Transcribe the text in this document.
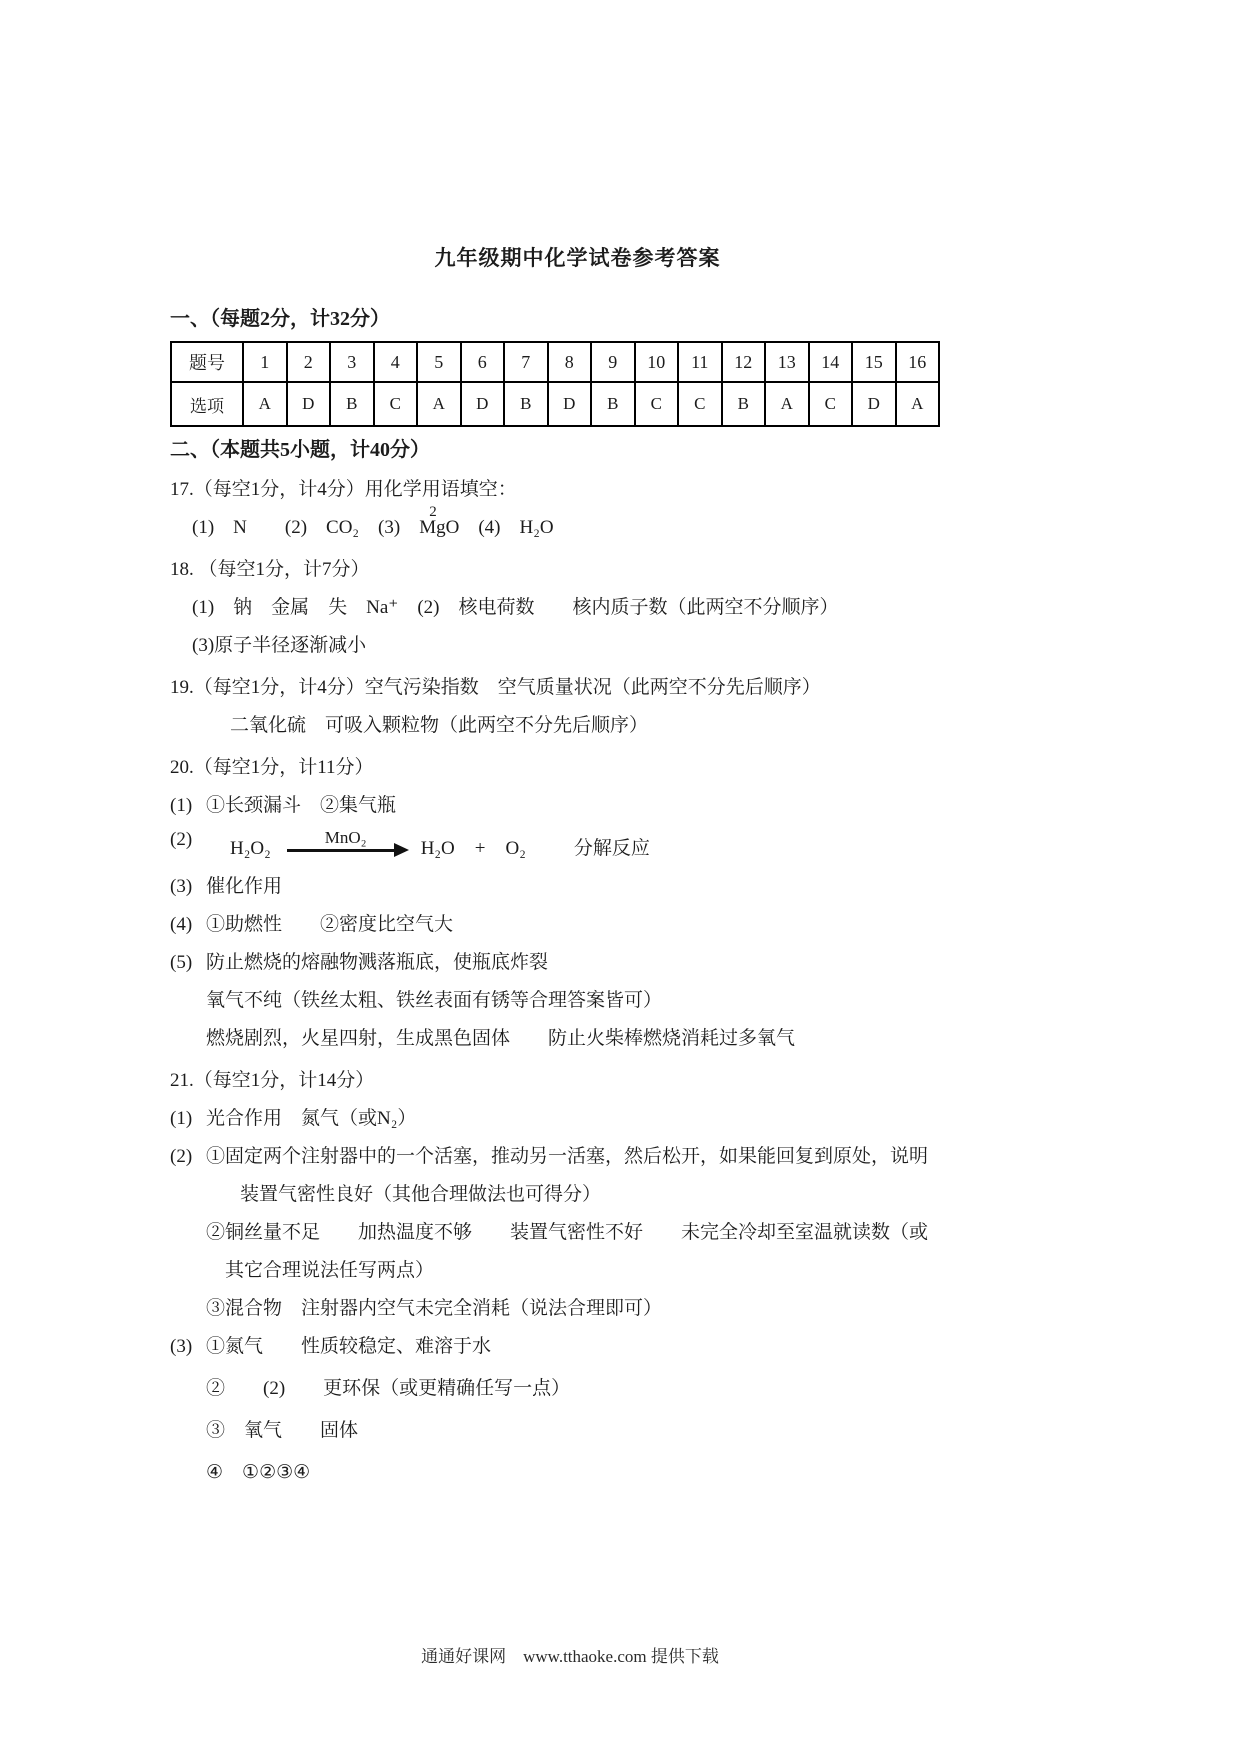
九年级期中化学试卷参考答案
一、（每题2分，计32分）
题号	1	2	3	4	5	6	7	8	9	10	11	12	13	14	15	16
选项	A	D	B	C	A	D	B	D	B	C	C	B	A	C	D	A
二、（本题共5小题，计40分）
17.（每空1分，计4分）用化学用语填空：
(1)　N　　(2)　CO₂　(3)　
2
MgO　(4)　H₂O
18. （每空1分，计7分）
(1)　钠　金属　失　Na⁺　(2)　核电荷数　　核内质子数（此两空不分顺序）
(3)原子半径逐渐减小
19.（每空1分，计4分）空气污染指数　空气质量状况（此两空不分先后顺序）
二氧化硫　可吸入颗粒物（此两空不分先后顺序）
20.（每空1分，计11分）
(1) ①长颈漏斗　②集气瓶
(2)	H₂O₂
MnO₂
H₂O + O₂	分解反应
(3) 催化作用
(4) ①助燃性　　②密度比空气大
(5) 防止燃烧的熔融物溅落瓶底，使瓶底炸裂
氧气不纯（铁丝太粗、铁丝表面有锈等合理答案皆可）
燃烧剧烈，火星四射，生成黑色固体　　防止火柴棒燃烧消耗过多氧气
21.（每空1分，计14分）
(1) 光合作用　氮气（或N₂）
(2) ①固定两个注射器中的一个活塞，推动另一活塞，然后松开，如果能回复到原处，说明
装置气密性良好（其他合理做法也可得分）
②铜丝量不足　　加热温度不够　　装置气密性不好　　未完全冷却至室温就读数（或
其它合理说法任写两点）
③混合物　注射器内空气未完全消耗（说法合理即可）
(3) ①氮气　　性质较稳定、难溶于水
②　　(2)　　更环保（或更精确任写一点）
③　氧气　　固体
④　①②③④
通通好课网　www.tthaoke.com 提供下载
